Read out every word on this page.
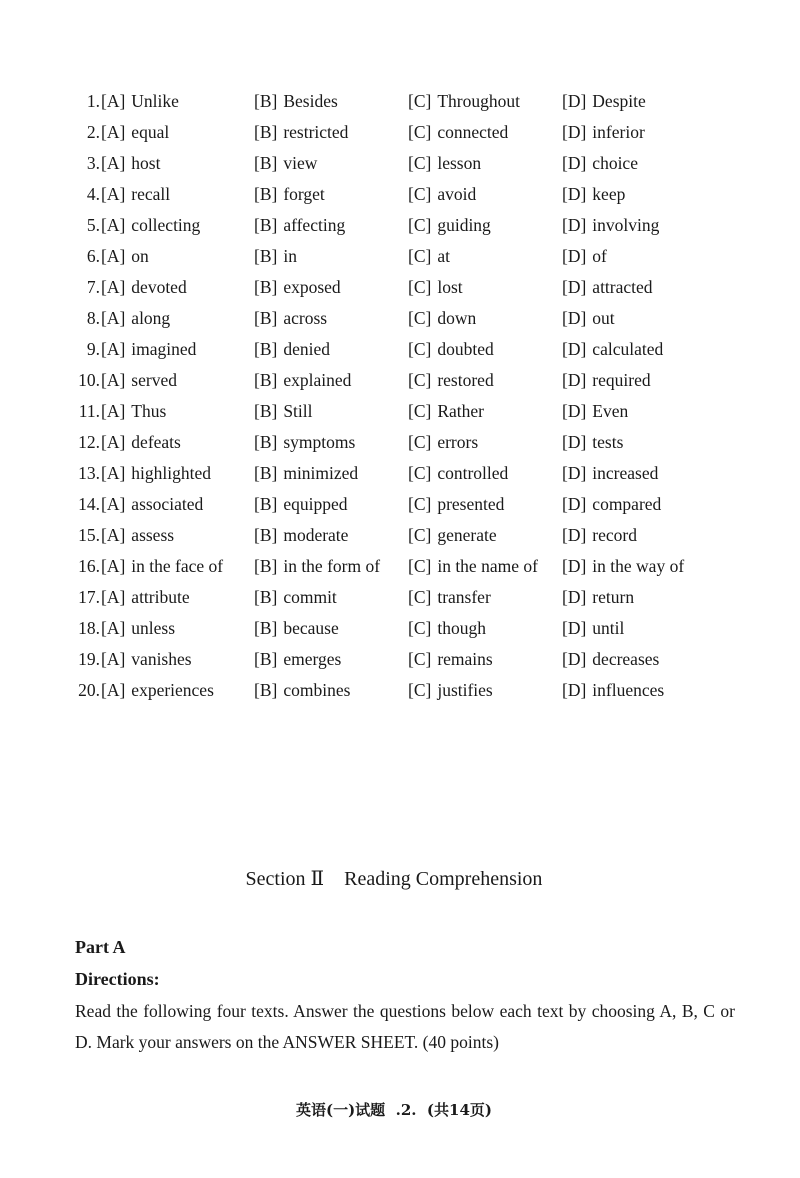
1. [A] Unlike	[B] Besides	[C] Throughout [D] Despite
2. [A] equal	[B] restricted	[C] connected	[D] inferior
3. [A] host	[B] view	[C] lesson	[D] choice
4. [A] recall	[B] forget	[C] avoid	[D] keep
5. [A] collecting	[B] affecting	[C] guiding	[D] involving
6. [A] on	[B] in	[C] at	[D] of
7. [A] devoted	[B] exposed	[C] lost	[D] attracted
8. [A] along	[B] across	[C] down	[D] out
9. [A] imagined	[B] denied	[C] doubted	[D] calculated
10. [A] served	[B] explained	[C] restored	[D] required
11. [A] Thus	[B] Still	[C] Rather	[D] Even
12. [A] defeats	[B] symptoms	[C] errors	[D] tests
13. [A] highlighted [B] minimized	[C] controlled	[D] increased
14. [A] associated	[B] equipped	[C] presented	[D] compared
15. [A] assess	[B] moderate	[C] generate	[D] record
16. [A] in the face of [B] in the form of [C] in the name of [D] in the way of
17. [A] attribute	[B] commit	[C] transfer	[D] return
18. [A] unless	[B] because	[C] though	[D] until
19. [A] vanishes	[B] emerges	[C] remains	[D] decreases
20. [A] experiences [B] combines	[C] justifies	[D] influences
Section Ⅱ    Reading Comprehension
Part A
Directions:
Read the following four texts. Answer the questions below each text by choosing A, B, C or D. Mark your answers on the ANSWER SHEET. (40 points)
英语(一)试题  .2.  (共14页)
